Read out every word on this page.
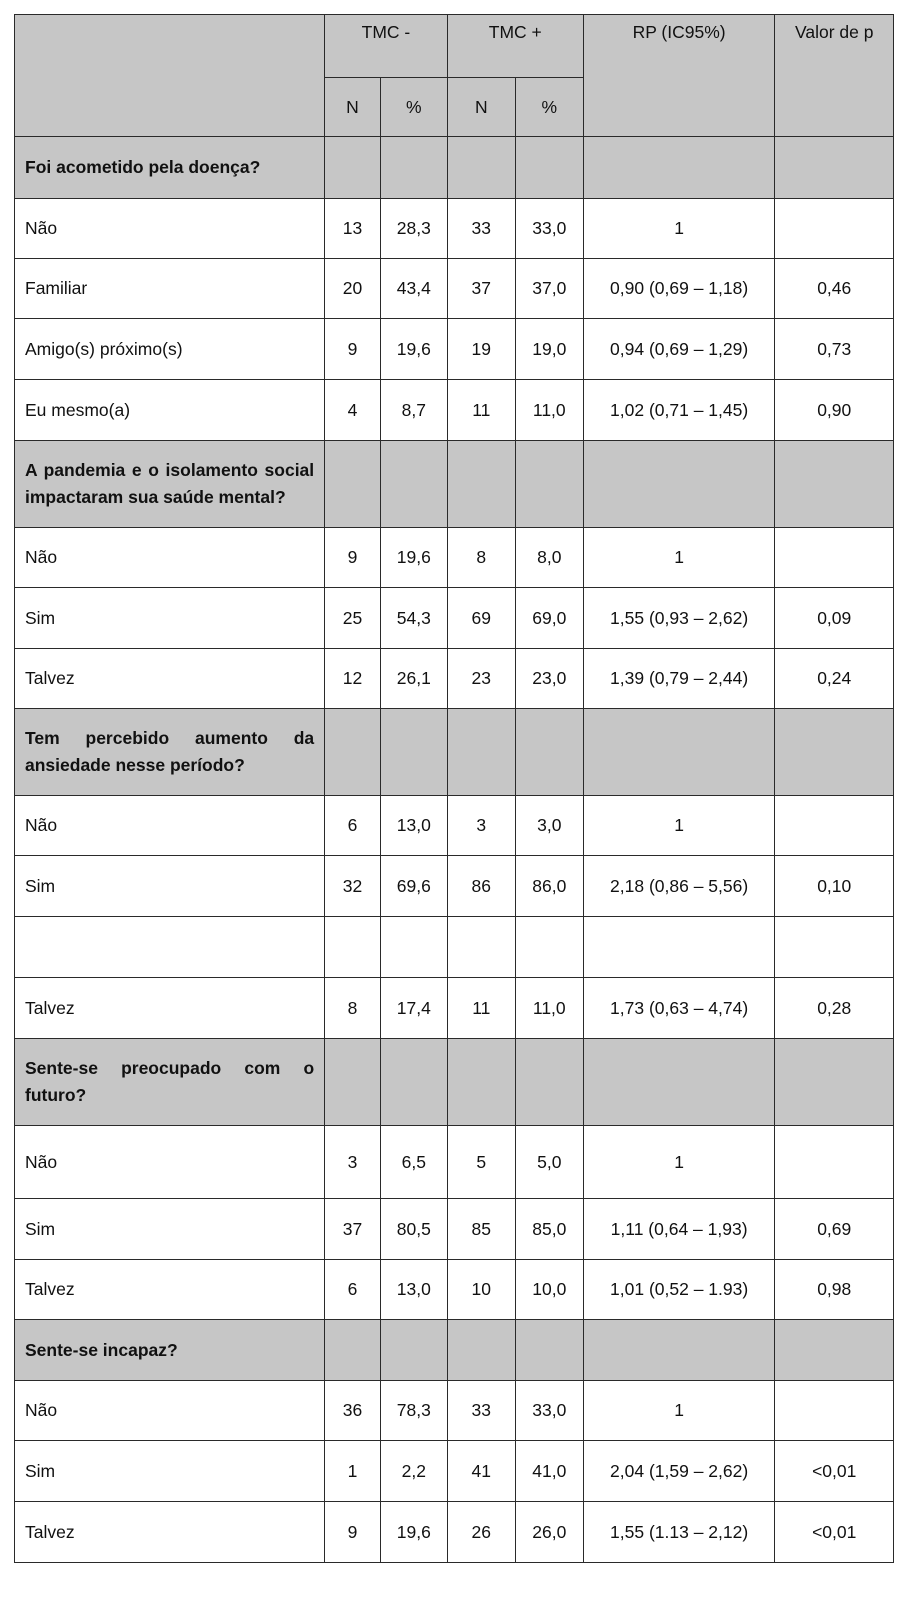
	TMC -		TMC +		RP (IC95%)	Valor de p
	N	%	N	%		
Foi acometido pela doença?						
Não	13	28,3	33	33,0	1	
Familiar	20	43,4	37	37,0	0,90 (0,69 – 1,18)	0,46
Amigo(s) próximo(s)	9	19,6	19	19,0	0,94 (0,69 – 1,29)	0,73
Eu mesmo(a)	4	8,7	11	11,0	1,02 (0,71 – 1,45)	0,90
A pandemia e o isolamento social impactaram sua saúde mental?						
Não	9	19,6	8	8,0	1	
Sim	25	54,3	69	69,0	1,55 (0,93 – 2,62)	0,09
Talvez	12	26,1	23	23,0	1,39 (0,79 – 2,44)	0,24
Tem percebido aumento da ansiedade nesse período?						
Não	6	13,0	3	3,0	1	
Sim	32	69,6	86	86,0	2,18 (0,86 – 5,56)	0,10

Talvez	8	17,4	11	11,0	1,73 (0,63 – 4,74)	0,28
Sente-se preocupado com o futuro?						
Não	3	6,5	5	5,0	1	
Sim	37	80,5	85	85,0	1,11 (0,64 – 1,93)	0,69
Talvez	6	13,0	10	10,0	1,01 (0,52 – 1.93)	0,98
Sente-se incapaz?						
Não	36	78,3	33	33,0	1	
Sim	1	2,2	41	41,0	2,04 (1,59 – 2,62)	<0,01
Talvez	9	19,6	26	26,0	1,55 (1.13 – 2,12)	<0,01
